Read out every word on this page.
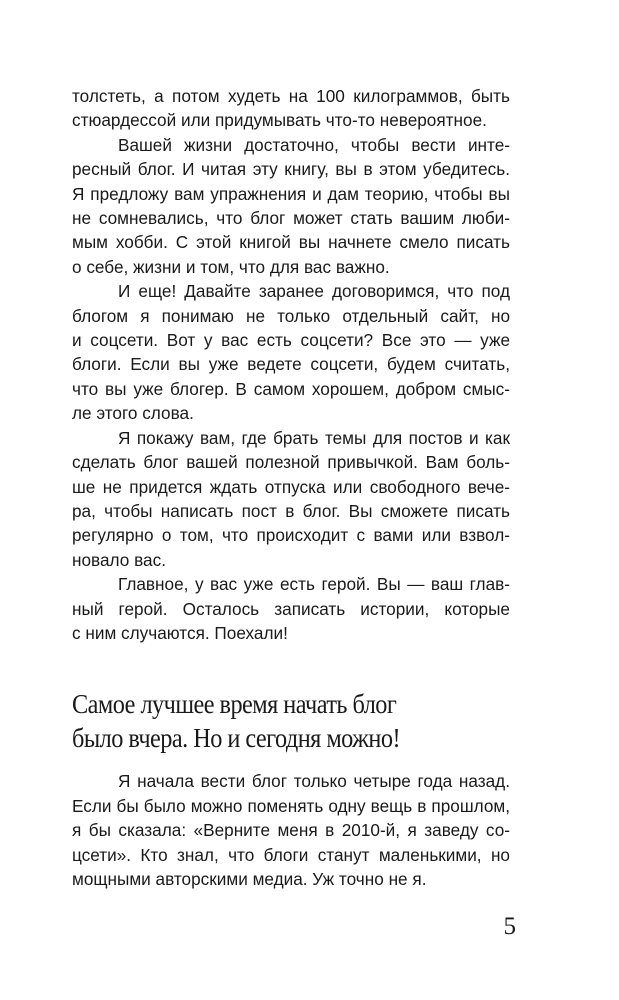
толстеть, а потом худеть на 100 килограммов, быть
стюардессой или придумывать что-то невероятное.

Вашей жизни достаточно, чтобы вести инте-
ресный блог. И читая эту книгу, вы в этом убедитесь.
Я предложу вам упражнения и дам теорию, чтобы вы
не сомневались, что блог может стать вашим люби-
мым хобби. С этой книгой вы начнете смело писать
о себе, жизни и том, что для вас важно.

И еще! Давайте заранее договоримся, что под
блогом я понимаю не только отдельный сайт, но
и соцсети. Вот у вас есть соцсети? Все это — уже
блоги. Если вы уже ведете соцсети, будем считать,
что вы уже блогер. В самом хорошем, добром смыс-
ле этого слова.

Я покажу вам, где брать темы для постов и как
сделать блог вашей полезной привычкой. Вам боль-
ше не придется ждать отпуска или свободного вече-
ра, чтобы написать пост в блог. Вы сможете писать
регулярно о том, что происходит с вами или взвол-
новало вас.

Главное, у вас уже есть герой. Вы — ваш глав-
ный герой. Осталось записать истории, которые
с ним случаются. Поехали!

Самое лучшее время начать блог
было вчера. Но и сегодня можно!

Я начала вести блог только четыре года назад.
Если бы было можно поменять одну вещь в прошлом,
я бы сказала: «Верните меня в 2010-й, я заведу со-
цсети». Кто знал, что блоги станут маленькими, но
мощными авторскими медиа. Уж точно не я.

5
